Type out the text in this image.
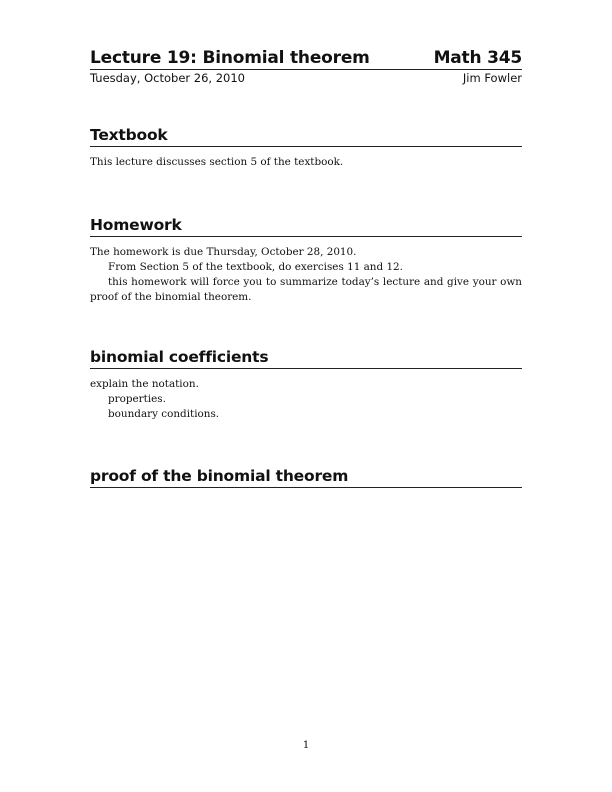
Lecture 19: Binomial theorem	Math 345
Tuesday, October 26, 2010	Jim Fowler
Textbook

This lecture discusses section 5 of the textbook.

Homework

The homework is due Thursday, October 28, 2010.

From Section 5 of the textbook, do exercises 11 and 12.

this homework will force you to summarize today’s lecture and give your own proof of the binomial theorem.

binomial coefficients

explain the notation.

properties.

boundary conditions.

proof of the binomial theorem
1
